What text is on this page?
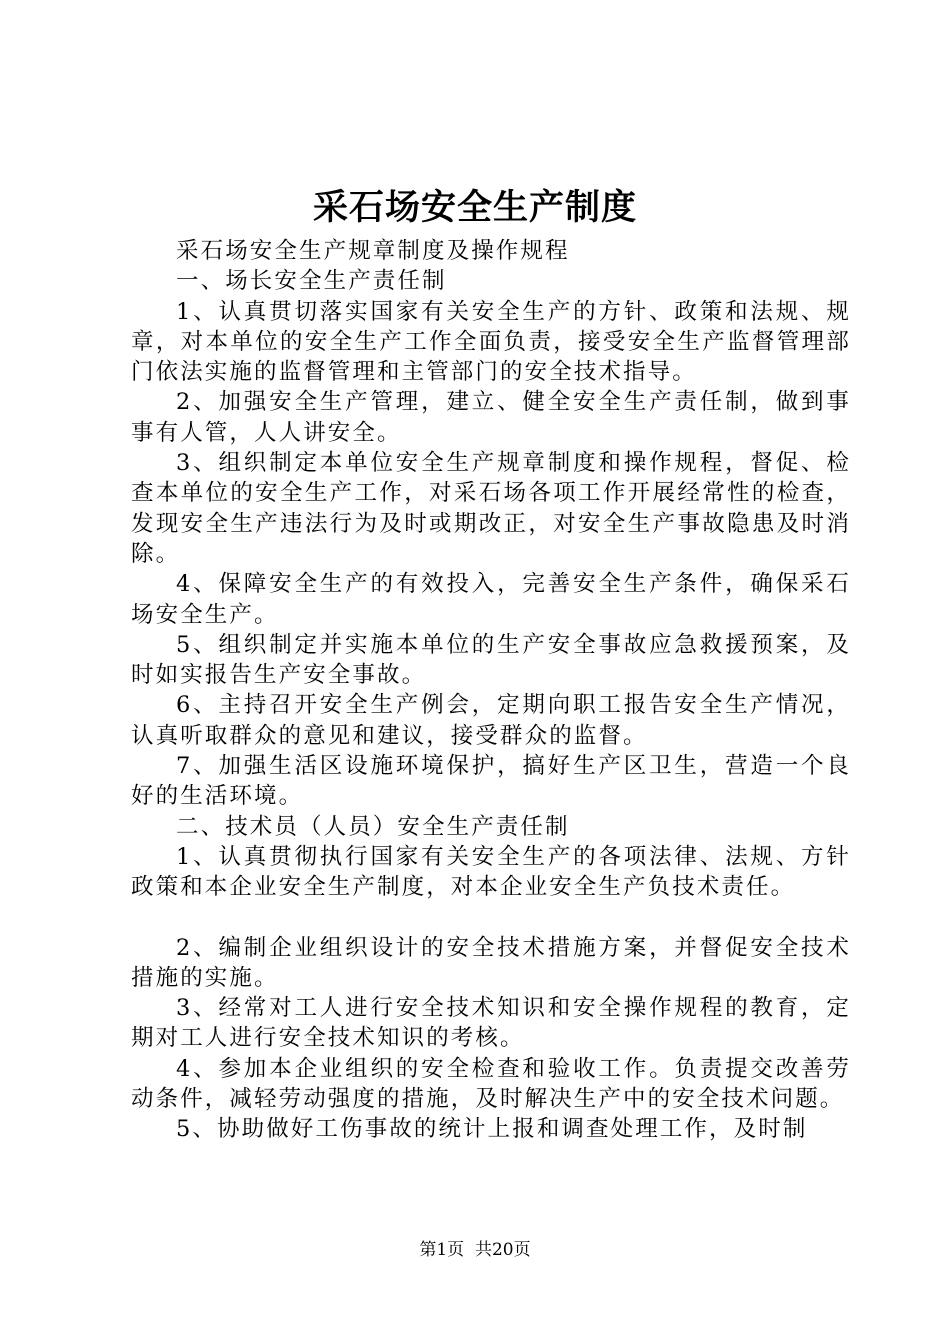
采石场安全生产制度

采石场安全生产规章制度及操作规程

一、场长安全生产责任制

1、认真贯切落实国家有关安全生产的方针、政策和法规、规章，对本单位的安全生产工作全面负责，接受安全生产监督管理部门依法实施的监督管理和主管部门的安全技术指导。

2、加强安全生产管理，建立、健全安全生产责任制，做到事事有人管，人人讲安全。

3、组织制定本单位安全生产规章制度和操作规程，督促、检查本单位的安全生产工作，对采石场各项工作开展经常性的检查，发现安全生产违法行为及时或期改正，对安全生产事故隐患及时消除。

4、保障安全生产的有效投入，完善安全生产条件，确保采石场安全生产。

5、组织制定并实施本单位的生产安全事故应急救援预案，及时如实报告生产安全事故。

6、主持召开安全生产例会，定期向职工报告安全生产情况，认真听取群众的意见和建议，接受群众的监督。

7、加强生活区设施环境保护，搞好生产区卫生，营造一个良好的生活环境。

二、技术员（人员）安全生产责任制

1、认真贯彻执行国家有关安全生产的各项法律、法规、方针政策和本企业安全生产制度，对本企业安全生产负技术责任。

2、编制企业组织设计的安全技术措施方案，并督促安全技术措施的实施。

3、经常对工人进行安全技术知识和安全操作规程的教育，定期对工人进行安全技术知识的考核。

4、参加本企业组织的安全检查和验收工作。负责提交改善劳动条件，减轻劳动强度的措施，及时解决生产中的安全技术问题。

5、协助做好工伤事故的统计上报和调查处理工作，及时制

第1页  共20页
